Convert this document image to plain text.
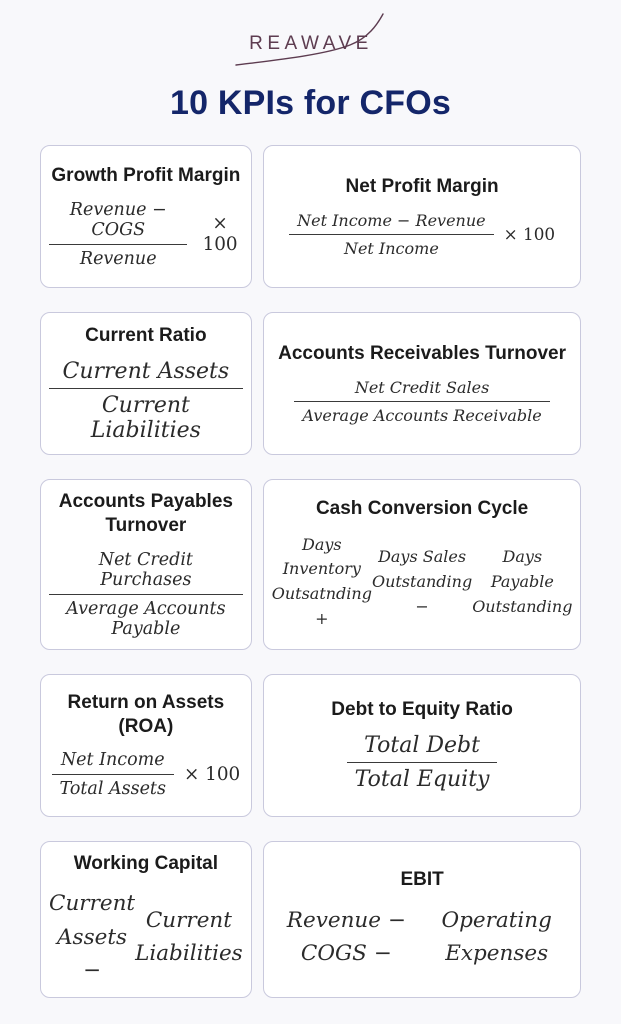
REAWAVE
10 KPIs for CFOs
Growth Profit Margin
$\frac{\text{Revenue − COGS}}{\text{Revenue}}$	× 100
Net Profit Margin
$\frac{\text{Net Income − Revenue}}{\text{Net Income}} \times 100$
Current Ratio
$\frac{\text{Current Assets}}{\text{Current Liabilities}}$
Accounts Receivables Turnover
$\frac{\text{Net Credit Sales}}{\text{Average Accounts Receivable}}$
Accounts Payables Turnover
$\frac{\text{Net Credit Purchases}}{\text{Average Accounts Payable}}$
Cash Conversion Cycle
Days Inventory Outsatnding +
Days Sales Outstanding −
Days Payable Outstanding
Return on Assets (ROA)
$\frac{\text{Net Income}}{\text{Total Assets}} \times 100$
Debt to Equity Ratio
$\frac{\text{Total Debt}}{\text{Total Equity}}$
Working Capital
Current Assets −
Current Liabilities
EBIT
Revenue − COGS −
Operating Expenses
